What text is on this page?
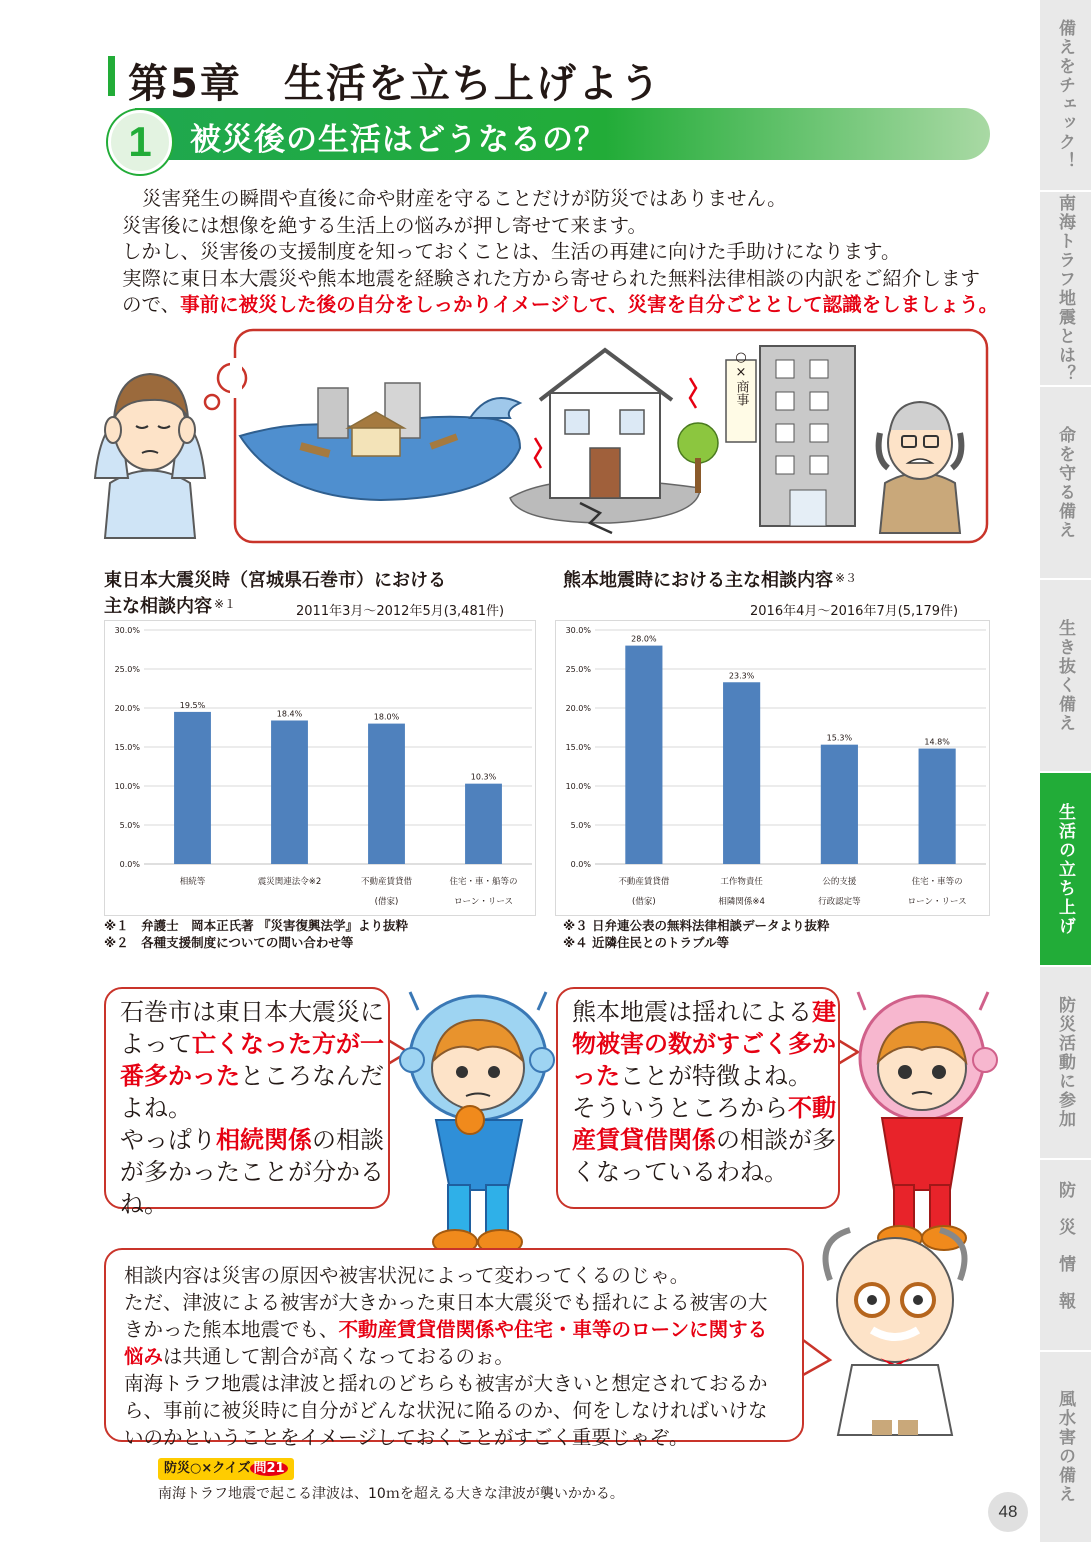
備えをチェック！
南海トラフ地震とは？
命を守る備え
生き抜く備え
生活の立ち上げ
防災活動に参加
防災情報
風水害の備え
第5章　生活を立ち上げよう
1 被災後の生活はどうなるの？

災害発生の瞬間や直後に命や財産を守ることだけが防災ではありません。

災害後には想像を絶する生活上の悩みが押し寄せて来ます。

しかし、災害後の支援制度を知っておくことは、生活の再建に向けた手助けになります。

実際に東日本大震災や熊本地震を経験された方から寄せられた無料法律相談の内訳をご紹介します

ので、事前に被災した後の自分をしっかりイメージして、災害を自分ごととして認識をしましょう。

○×商事
東日本大震災時（宮城県石巻市）における
主な相談内容 $^{※1}$	2011年3月～2012年5月(3,481件)
0.0%
5.0%
10.0%
15.0%
20.0%
25.0%
30.0%
19.5%
相続等
18.4%
震災関連法令※2
18.0%
不動産賃貸借
(借家)
10.3%
住宅・車・船等の
ローン・リース
熊本地震時における主な相談内容 $^{※3}$
2016年4月～2016年7月(5,179件)
0.0%
5.0%
10.0%
15.0%
20.0%
25.0%
30.0%
28.0%
不動産賃貸借
(借家)
23.3%
工作物責任
相隣関係※4
15.3%
公的支援
行政認定等
14.8%
住宅・車等の
ローン・リース

※１　弁護士　岡本正氏著 『災害復興法学』より抜粋

※２　各種支援制度についての問い合わせ等

※３ 日弁連公表の無料法律相談データより抜粋

※４ 近隣住民とのトラブル等

石巻市は東日本大震災に

よって亡くなった方が一

番多かったところなんだ

よね。

やっぱり相続関係の相談

が多かったことが分かる

ね。

熊本地震は揺れによる建

物被害の数がすごく多か

ったことが特徴よね。

そういうところから不動

産賃貸借関係の相談が多

くなっているわね。

相談内容は災害の原因や被害状況によって変わってくるのじゃ。

ただ、津波による被害が大きかった東日本大震災でも揺れによる被害の大

きかった熊本地震でも、不動産賃貸借関係や住宅・車等のローンに関する

悩みは共通して割合が高くなっておるのぉ。

南海トラフ地震は津波と揺れのどちらも被害が大きいと想定されておるか

ら、事前に被災時に自分がどんな状況に陥るのか、何をしなければいけな

いのかということをイメージしておくことがすごく重要じゃぞ。

防災○×クイズ 問21
南海トラフ地震で起こる津波は、10ｍを超える大きな津波が襲いかかる。
48
